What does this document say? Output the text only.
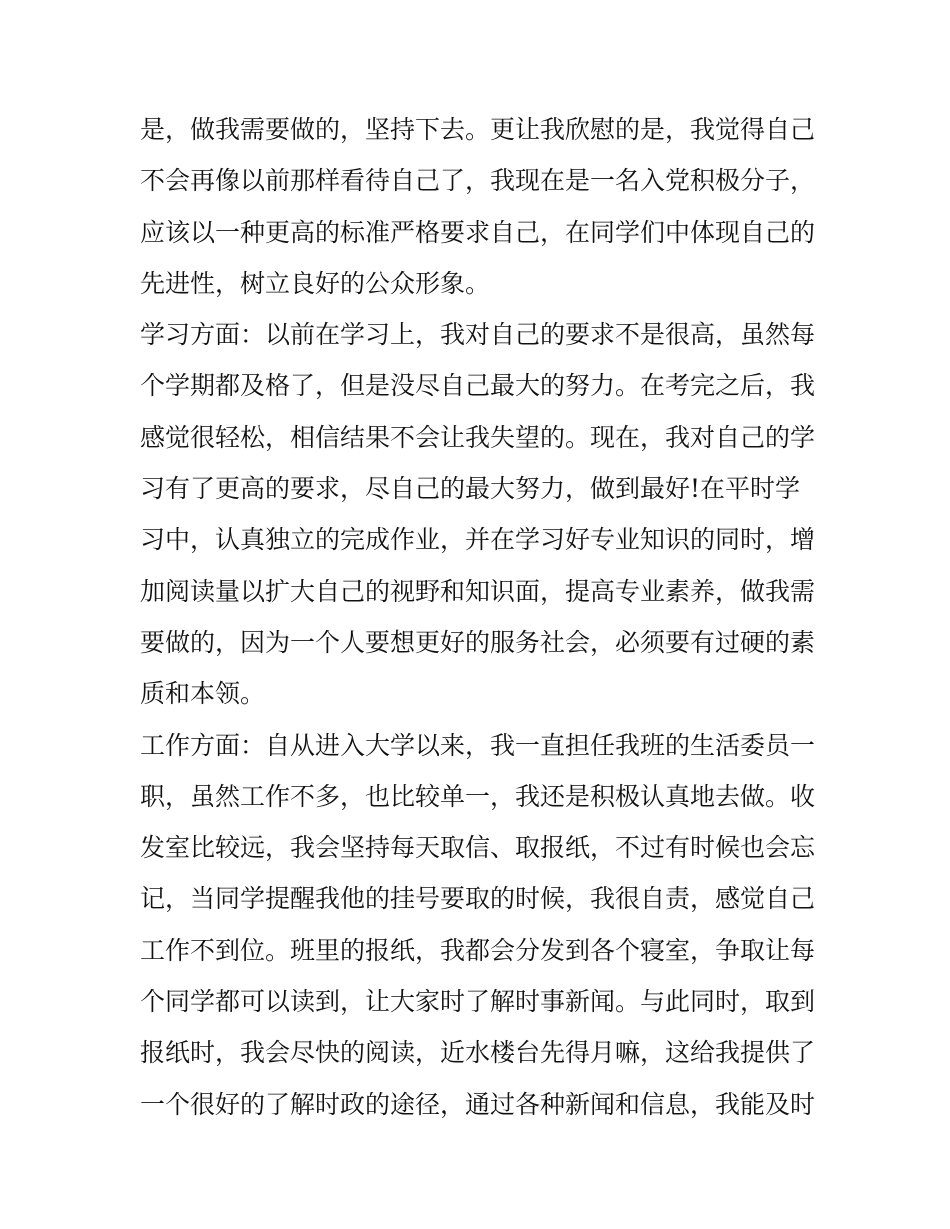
是，做我需要做的，坚持下去。更让我欣慰的是，我觉得自己
不会再像以前那样看待自己了，我现在是一名入党积极分子，
应该以一种更高的标准严格要求自己，在同学们中体现自己的
先进性，树立良好的公众形象。
学习方面：以前在学习上，我对自己的要求不是很高，虽然每
个学期都及格了，但是没尽自己最大的努力。在考完之后，我
感觉很轻松，相信结果不会让我失望的。现在，我对自己的学
习有了更高的要求，尽自己的最大努力，做到最好!在平时学
习中，认真独立的完成作业，并在学习好专业知识的同时，增
加阅读量以扩大自己的视野和知识面，提高专业素养，做我需
要做的，因为一个人要想更好的服务社会，必须要有过硬的素
质和本领。
工作方面：自从进入大学以来，我一直担任我班的生活委员一
职，虽然工作不多，也比较单一，我还是积极认真地去做。收
发室比较远，我会坚持每天取信、取报纸，不过有时候也会忘
记，当同学提醒我他的挂号要取的时候，我很自责，感觉自己
工作不到位。班里的报纸，我都会分发到各个寝室，争取让每
个同学都可以读到，让大家时了解时事新闻。与此同时，取到
报纸时，我会尽快的阅读，近水楼台先得月嘛，这给我提供了
一个很好的了解时政的途径，通过各种新闻和信息，我能及时
